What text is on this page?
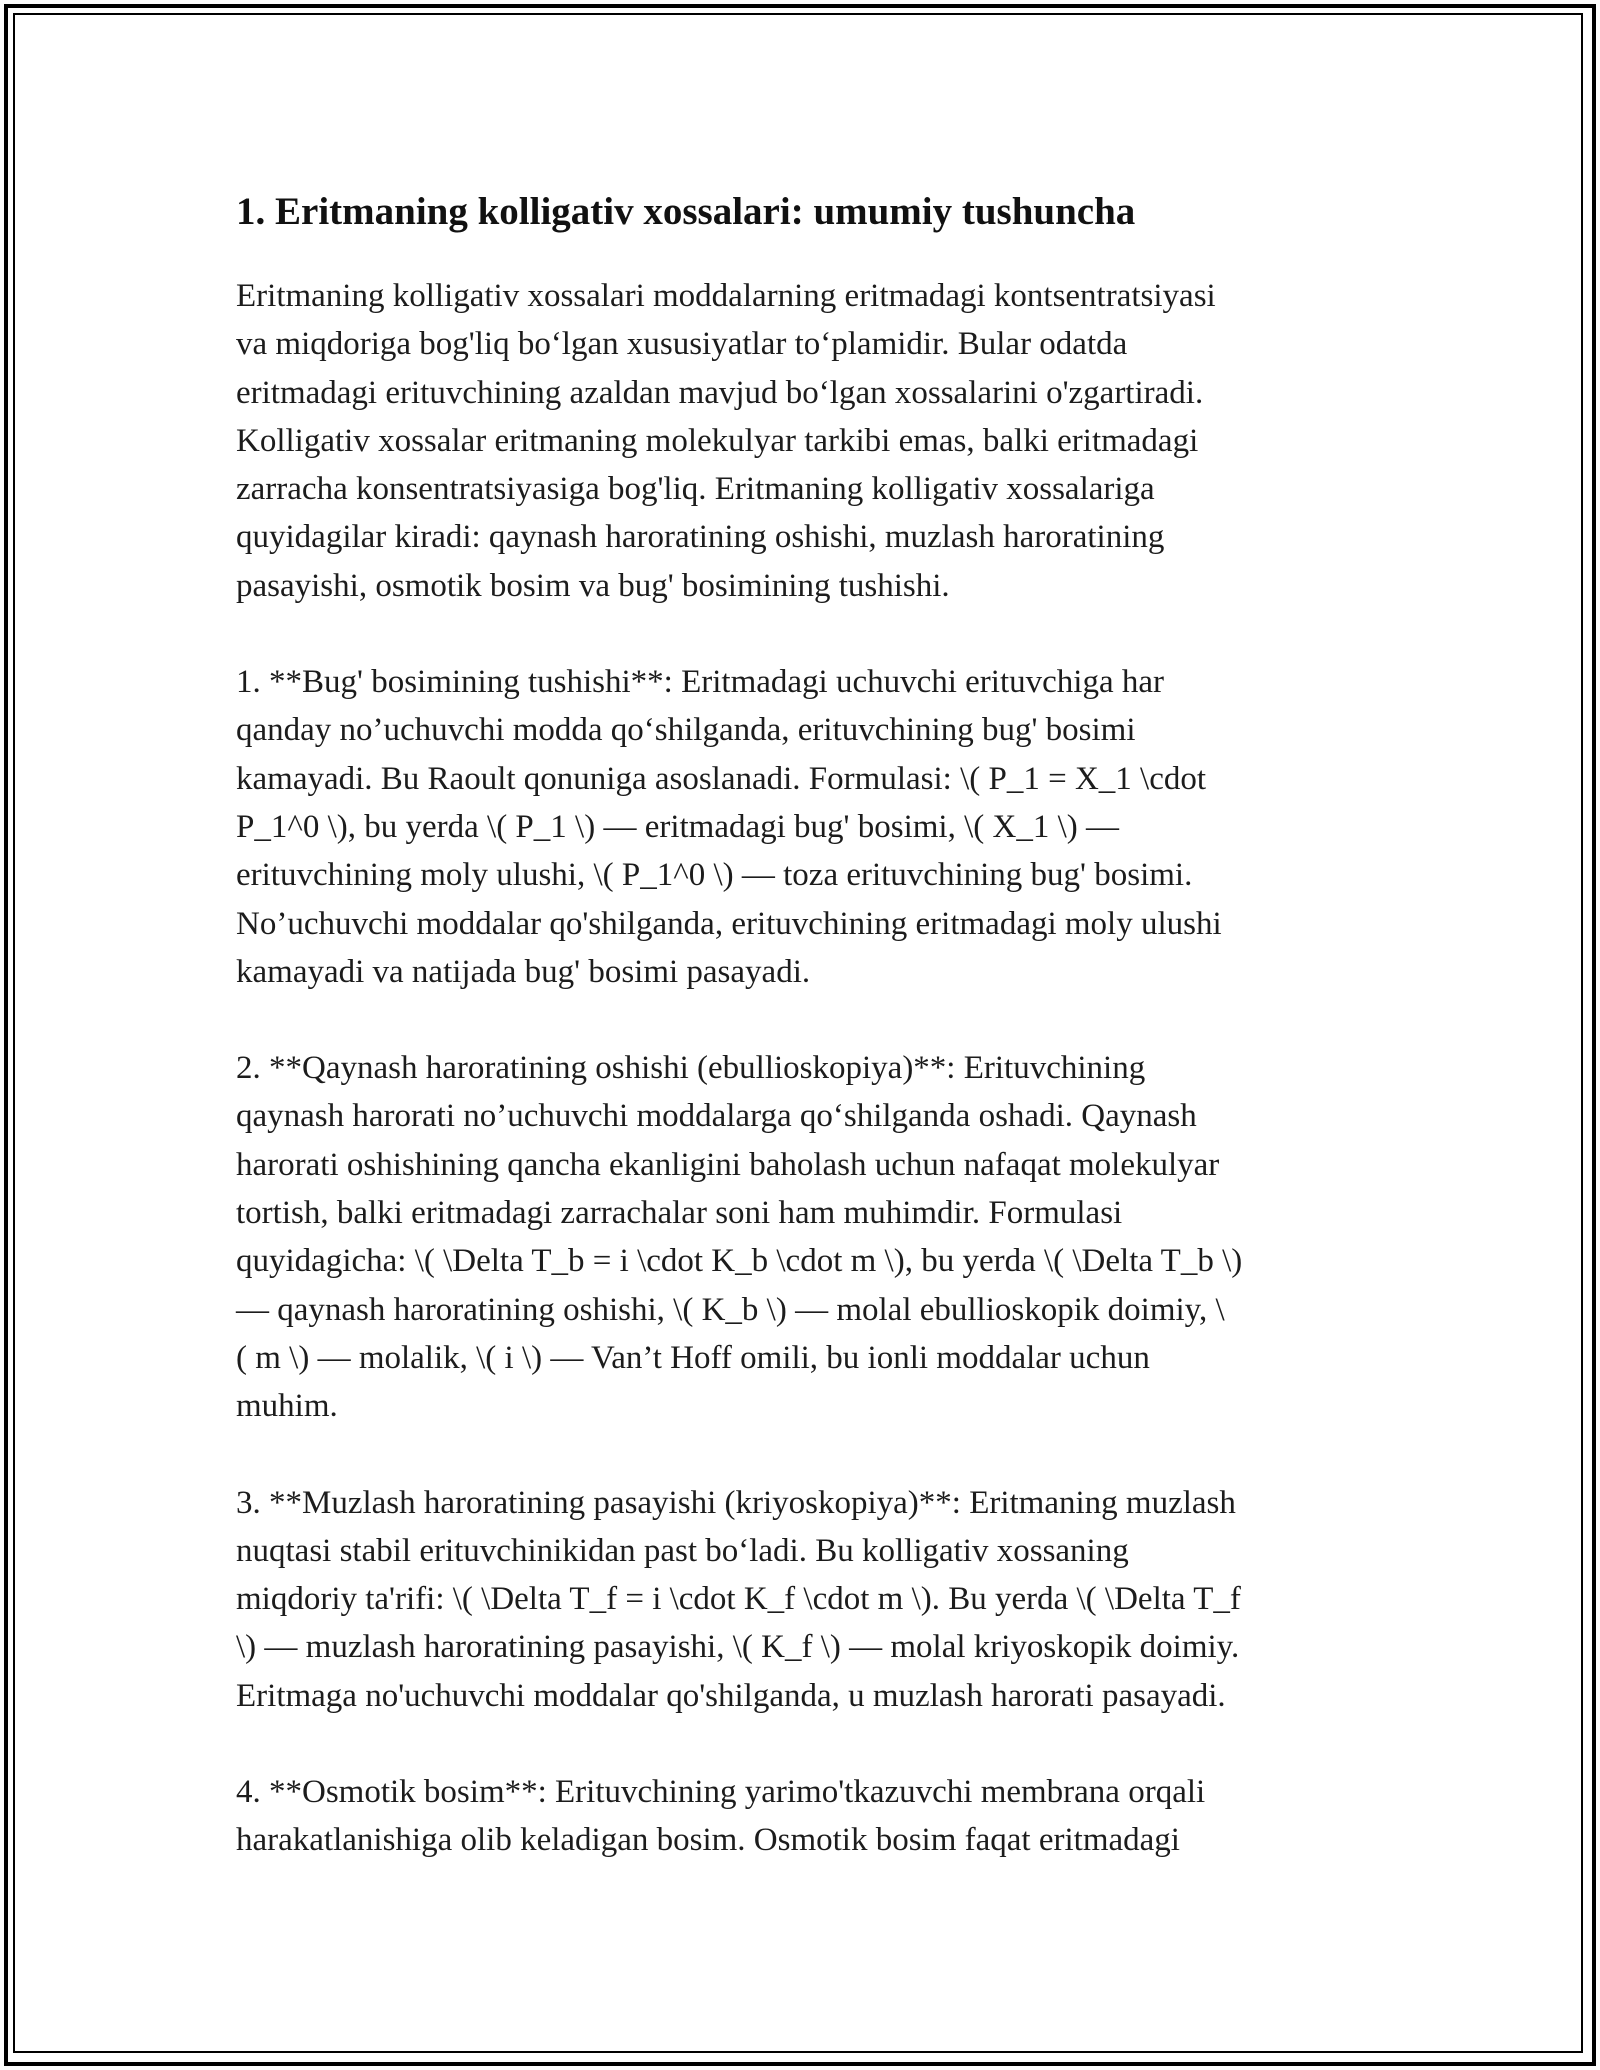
1. Eritmaning kolligativ xossalari: umumiy tushuncha
Eritmaning kolligativ xossalari moddalarning eritmadagi kontsentratsiyasi
va miqdoriga bog'liq bo‘lgan xususiyatlar to‘plamidir. Bular odatda
eritmadagi erituvchining azaldan mavjud bo‘lgan xossalarini o'zgartiradi.
Kolligativ xossalar eritmaning molekulyar tarkibi emas, balki eritmadagi
zarracha konsentratsiyasiga bog'liq. Eritmaning kolligativ xossalariga
quyidagilar kiradi: qaynash haroratining oshishi, muzlash haroratining
pasayishi, osmotik bosim va bug' bosimining tushishi.
1. **Bug' bosimining tushishi**: Eritmadagi uchuvchi erituvchiga har
qanday no’uchuvchi modda qo‘shilganda, erituvchining bug' bosimi
kamayadi. Bu Raoult qonuniga asoslanadi. Formulasi: \( P_1 = X_1 \cdot
P_1^0 \), bu yerda \( P_1 \) — eritmadagi bug' bosimi, \( X_1 \) —
erituvchining moly ulushi, \( P_1^0 \) — toza erituvchining bug' bosimi.
No’uchuvchi moddalar qo'shilganda, erituvchining eritmadagi moly ulushi
kamayadi va natijada bug' bosimi pasayadi.
2. **Qaynash haroratining oshishi (ebullioskopiya)**: Erituvchining
qaynash harorati no’uchuvchi moddalarga qo‘shilganda oshadi. Qaynash
harorati oshishining qancha ekanligini baholash uchun nafaqat molekulyar
tortish, balki eritmadagi zarrachalar soni ham muhimdir. Formulasi
quyidagicha: \( \Delta T_b = i \cdot K_b \cdot m \), bu yerda \( \Delta T_b \)
— qaynash haroratining oshishi, \( K_b \) — molal ebullioskopik doimiy, \
( m \) — molalik, \( i \) — Van’t Hoff omili, bu ionli moddalar uchun
muhim.
3. **Muzlash haroratining pasayishi (kriyoskopiya)**: Eritmaning muzlash
nuqtasi stabil erituvchinikidan past bo‘ladi. Bu kolligativ xossaning
miqdoriy ta'rifi: \( \Delta T_f = i \cdot K_f \cdot m \). Bu yerda \( \Delta T_f
\) — muzlash haroratining pasayishi, \( K_f \) — molal kriyoskopik doimiy.
Eritmaga no'uchuvchi moddalar qo'shilganda, u muzlash harorati pasayadi.
4. **Osmotik bosim**: Erituvchining yarimo'tkazuvchi membrana orqali
harakatlanishiga olib keladigan bosim. Osmotik bosim faqat eritmadagi
